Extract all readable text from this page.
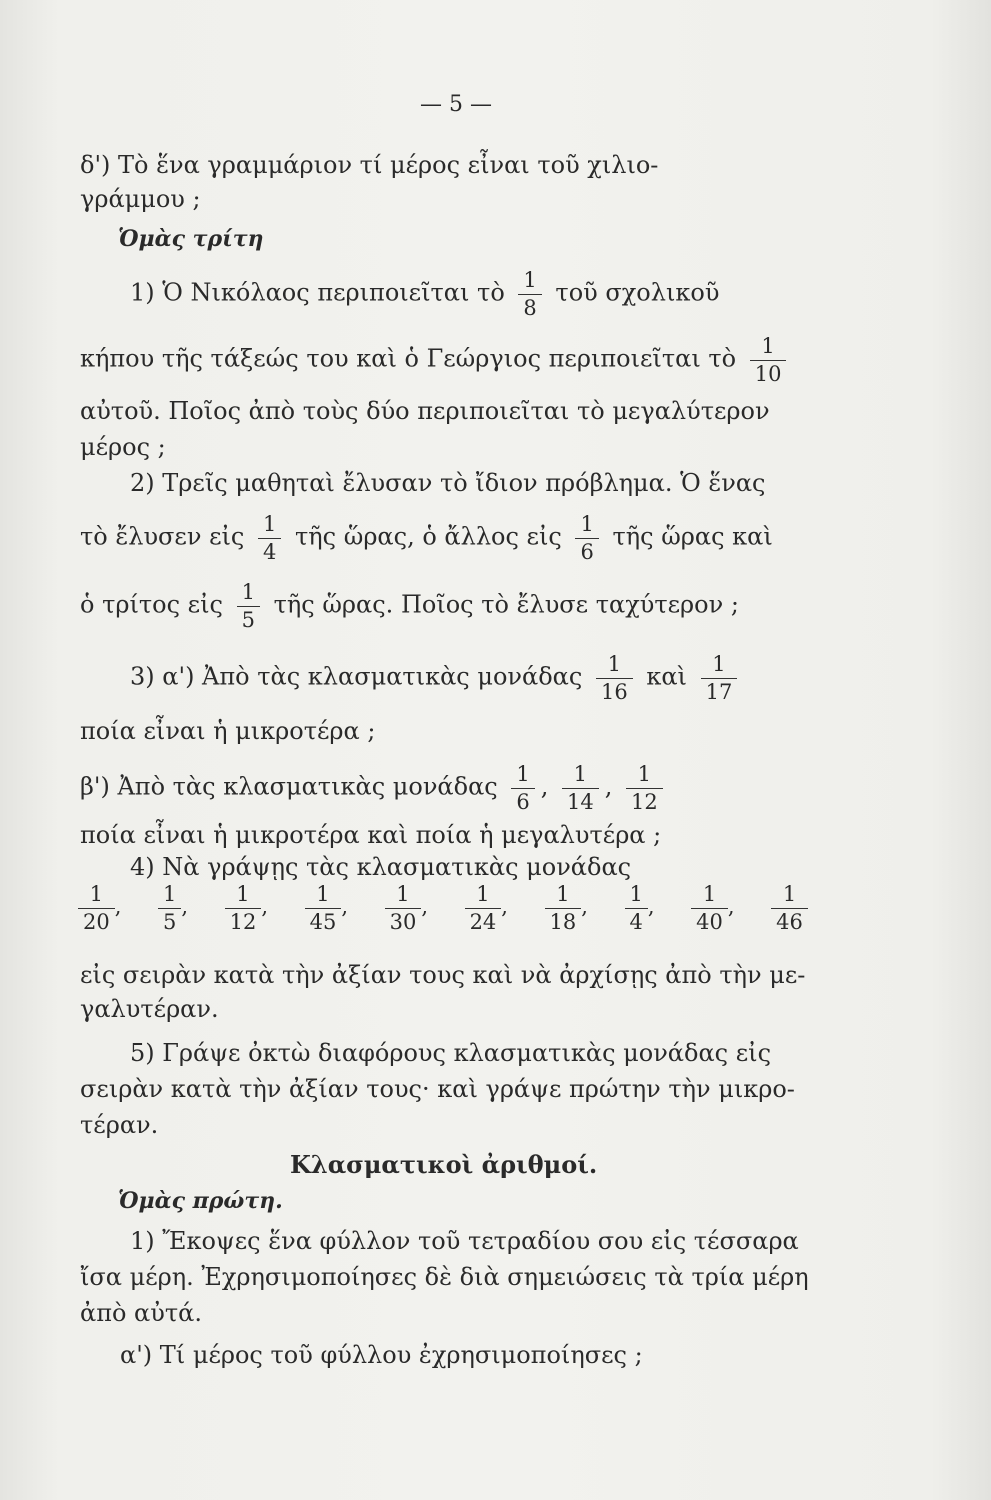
— 5 —
δ') Τὸ ἕνα γραμμάριον τί μέρος εἶναι τοῦ χιλιο-
γράμμου ;
Ὁμὰς τρίτη
1) Ὁ Νικόλαος περιποιεῖται τὸ $\frac{1}{8}$ τοῦ σχολικοῦ
κήπου τῆς τάξεώς του καὶ ὁ Γεώργιος περιποιεῖται τὸ $\frac{1}{10}$
αὐτοῦ. Ποῖος ἀπὸ τοὺς δύο περιποιεῖται τὸ μεγαλύτερον
μέρος ;
2) Τρεῖς μαθηταὶ ἔλυσαν τὸ ἴδιον πρόβλημα. Ὁ ἕνας
τὸ ἔλυσεν εἰς $\frac{1}{4}$ τῆς ὥρας, ὁ ἄλλος εἰς $\frac{1}{6}$ τῆς ὥρας καὶ
ὁ τρίτος εἰς $\frac{1}{5}$ τῆς ὥρας. Ποῖος τὸ ἔλυσε ταχύτερον ;
3) α') Ἀπὸ τὰς κλασματικὰς μονάδας $\frac{1}{16}$ καὶ $\frac{1}{17}$
ποία εἶναι ἡ μικροτέρα ;
β') Ἀπὸ τὰς κλασματικὰς μονάδας $\frac{1}{6}$ , $\frac{1}{14}$ , $\frac{1}{12}$
ποία εἶναι ἡ μικροτέρα καὶ ποία ἡ μεγαλυτέρα ;
4) Νὰ γράψῃς τὰς κλασματικὰς μονάδας
$\frac{1}{20}$ , $\frac{1}{5}$ , $\frac{1}{12}$ , $\frac{1}{45}$ , $\frac{1}{30}$ , $\frac{1}{24}$ , $\frac{1}{18}$ , $\frac{1}{4}$ , $\frac{1}{40}$ , $\frac{1}{46}$
εἰς σειρὰν κατὰ τὴν ἀξίαν τους καὶ νὰ ἀρχίσῃς ἀπὸ τὴν με-
γαλυτέραν.
5) Γράψε ὀκτὼ διαφόρους κλασματικὰς μονάδας εἰς
σειρὰν κατὰ τὴν ἀξίαν τους· καὶ γράψε πρώτην τὴν μικρο-
τέραν.
Κλασματικοὶ ἀριθμοί.
Ὁμὰς πρώτη.
1) Ἔκοψες ἕνα φύλλον τοῦ τετραδίου σου εἰς τέσσαρα
ἴσα μέρη. Ἐχρησιμοποίησες δὲ διὰ σημειώσεις τὰ τρία μέρη
ἀπὸ αὐτά.
α') Τί μέρος τοῦ φύλλου ἐχρησιμοποίησες ;
